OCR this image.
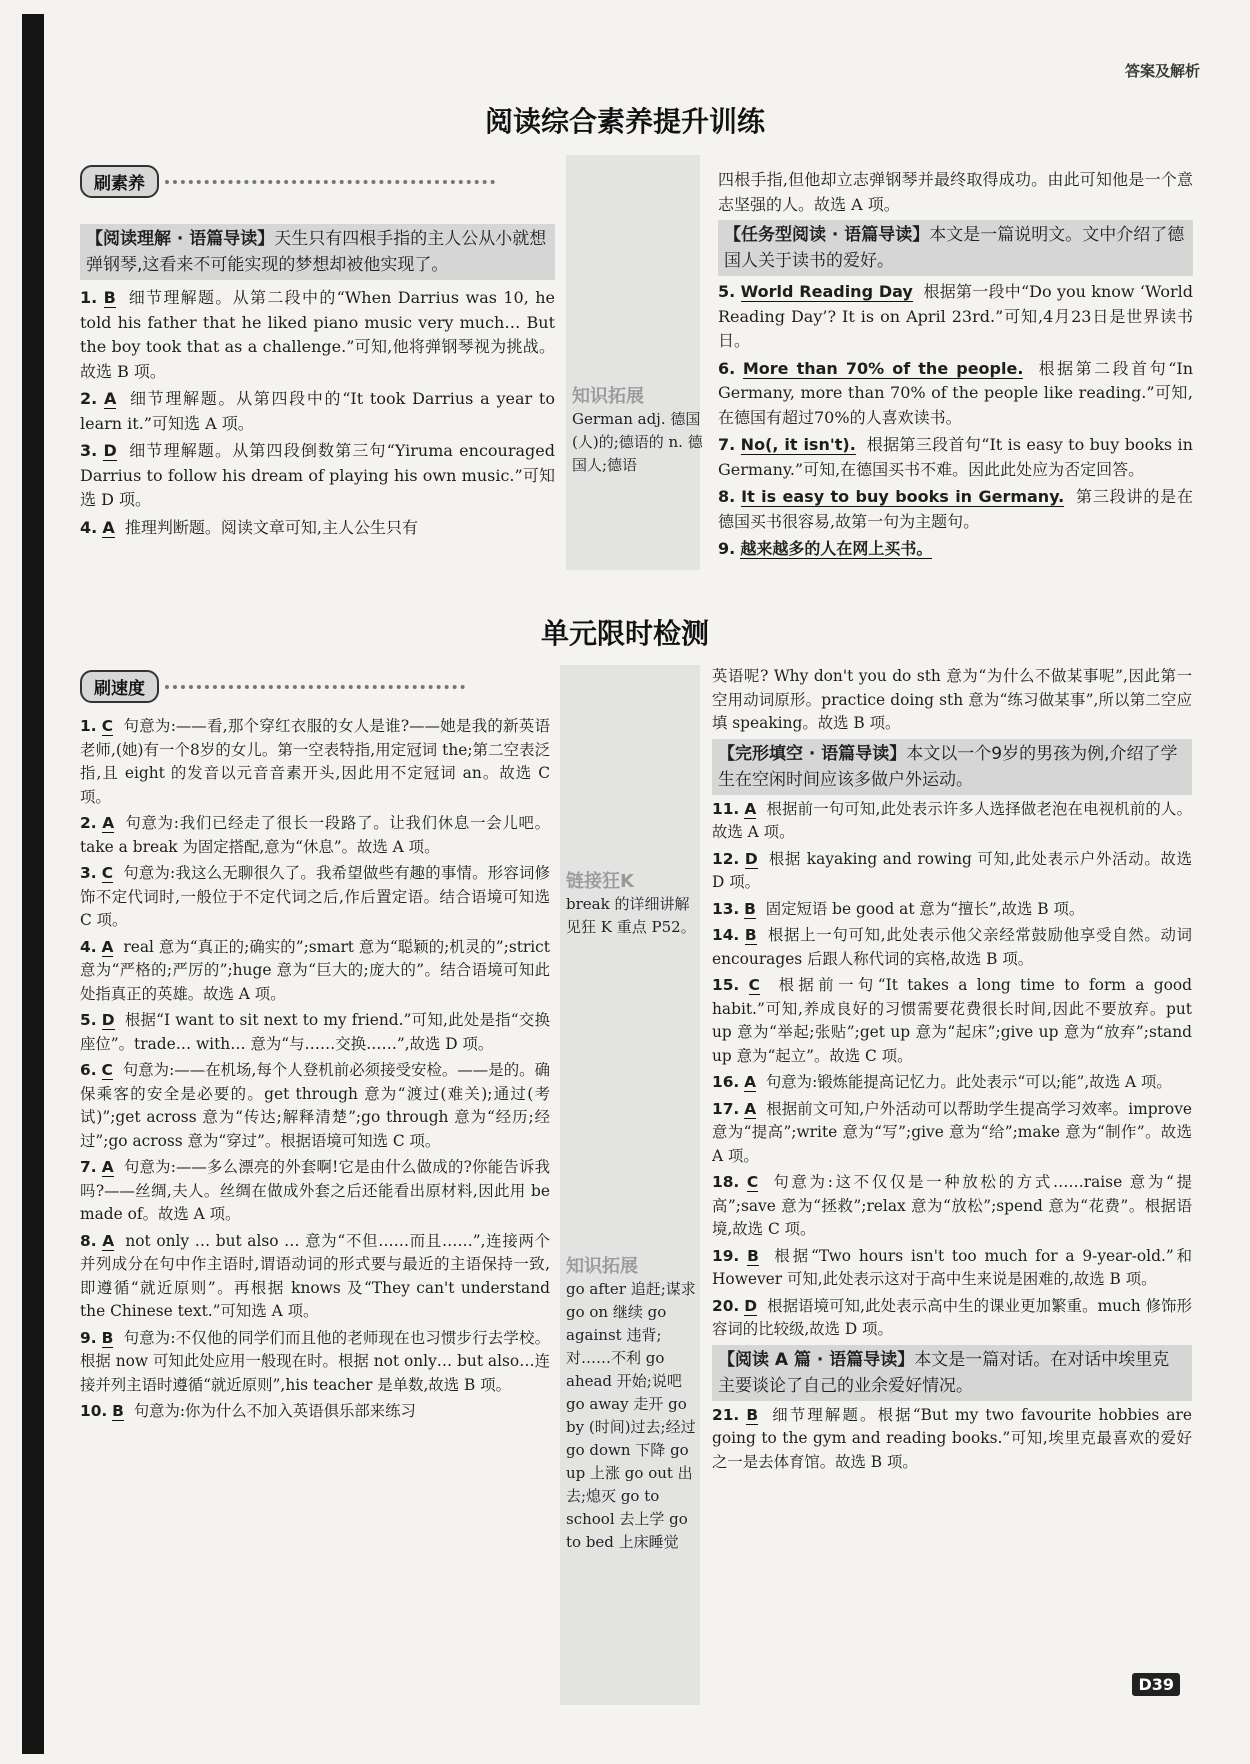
答案及解析
阅读综合素养提升训练
刷素养
知识拓展
German adj. 德国(人)的;德语的 n. 德国人;德语
【阅读理解 · 语篇导读】天生只有四根手指的主人公从小就想弹钢琴,这看来不可能实现的梦想却被他实现了。
1. B 细节理解题。从第二段中的“When Darrius was 10, he told his father that he liked piano music very much… But the boy took that as a challenge.”可知,他将弹钢琴视为挑战。故选 B 项。
2. A 细节理解题。从第四段中的“It took Darrius a year to learn it.”可知选 A 项。
3. D 细节理解题。从第四段倒数第三句“Yiruma encouraged Darrius to follow his dream of playing his own music.”可知选 D 项。
4. A 推理判断题。阅读文章可知,主人公生只有
四根手指,但他却立志弹钢琴并最终取得成功。由此可知他是一个意志坚强的人。故选 A 项。
【任务型阅读 · 语篇导读】本文是一篇说明文。文中介绍了德国人关于读书的爱好。
5. World Reading Day 根据第一段中“Do you know ‘World Reading Day’? It is on April 23rd.”可知,4月23日是世界读书日。
6. More than 70% of the people. 根据第二段首句“In Germany, more than 70% of the people like reading.”可知,在德国有超过70%的人喜欢读书。
7. No(, it isn't). 根据第三段首句“It is easy to buy books in Germany.”可知,在德国买书不难。因此此处应为否定回答。
8. It is easy to buy books in Germany. 第三段讲的是在德国买书很容易,故第一句为主题句。
9. 越来越多的人在网上买书。
单元限时检测
刷速度
链接狂K
break 的详细讲解见狂 K 重点 P52。
知识拓展
go after 追赶;谋求 go on 继续 go against 违背;对……不利 go ahead 开始;说吧 go away 走开 go by (时间)过去;经过 go down 下降 go up 上涨 go out 出去;熄灭 go to school 去上学 go to bed 上床睡觉
1. C 句意为:——看,那个穿红衣服的女人是谁?——她是我的新英语老师,(她)有一个8岁的女儿。第一空表特指,用定冠词 the;第二空表泛指,且 eight 的发音以元音音素开头,因此用不定冠词 an。故选 C 项。
2. A 句意为:我们已经走了很长一段路了。让我们休息一会儿吧。take a break 为固定搭配,意为“休息”。故选 A 项。
3. C 句意为:我这么无聊很久了。我希望做些有趣的事情。形容词修饰不定代词时,一般位于不定代词之后,作后置定语。结合语境可知选 C 项。
4. A real 意为“真正的;确实的”;smart 意为“聪颖的;机灵的”;strict 意为“严格的;严厉的”;huge 意为“巨大的;庞大的”。结合语境可知此处指真正的英雄。故选 A 项。
5. D 根据“I want to sit next to my friend.”可知,此处是指“交换座位”。trade… with… 意为“与……交换……”,故选 D 项。
6. C 句意为:——在机场,每个人登机前必须接受安检。——是的。确保乘客的安全是必要的。get through 意为“渡过(难关);通过(考试)”;get across 意为“传达;解释清楚”;go through 意为“经历;经过”;go across 意为“穿过”。根据语境可知选 C 项。
7. A 句意为:——多么漂亮的外套啊!它是由什么做成的?你能告诉我吗?——丝绸,夫人。丝绸在做成外套之后还能看出原材料,因此用 be made of。故选 A 项。
8. A not only … but also … 意为“不但……而且……”,连接两个并列成分在句中作主语时,谓语动词的形式要与最近的主语保持一致,即遵循“就近原则”。再根据 knows 及“They can't understand the Chinese text.”可知选 A 项。
9. B 句意为:不仅他的同学们而且他的老师现在也习惯步行去学校。根据 now 可知此处应用一般现在时。根据 not only… but also…连接并列主语时遵循“就近原则”,his teacher 是单数,故选 B 项。
10. B 句意为:你为什么不加入英语俱乐部来练习
英语呢? Why don't you do sth 意为“为什么不做某事呢”,因此第一空用动词原形。practice doing sth 意为“练习做某事”,所以第二空应填 speaking。故选 B 项。
【完形填空 · 语篇导读】本文以一个9岁的男孩为例,介绍了学生在空闲时间应该多做户外运动。
11. A 根据前一句可知,此处表示许多人选择做老泡在电视机前的人。故选 A 项。
12. D 根据 kayaking and rowing 可知,此处表示户外活动。故选 D 项。
13. B 固定短语 be good at 意为“擅长”,故选 B 项。
14. B 根据上一句可知,此处表示他父亲经常鼓励他享受自然。动词 encourages 后跟人称代词的宾格,故选 B 项。
15. C 根据前一句“It takes a long time to form a good habit.”可知,养成良好的习惯需要花费很长时间,因此不要放弃。put up 意为“举起;张贴”;get up 意为“起床”;give up 意为“放弃”;stand up 意为“起立”。故选 C 项。
16. A 句意为:锻炼能提高记忆力。此处表示“可以;能”,故选 A 项。
17. A 根据前文可知,户外活动可以帮助学生提高学习效率。improve 意为“提高”;write 意为“写”;give 意为“给”;make 意为“制作”。故选 A 项。
18. C 句意为:这不仅仅是一种放松的方式……raise 意为“提高”;save 意为“拯救”;relax 意为“放松”;spend 意为“花费”。根据语境,故选 C 项。
19. B 根据“Two hours isn't too much for a 9-year-old.”和 However 可知,此处表示这对于高中生来说是困难的,故选 B 项。
20. D 根据语境可知,此处表示高中生的课业更加繁重。much 修饰形容词的比较级,故选 D 项。
【阅读 A 篇 · 语篇导读】本文是一篇对话。在对话中埃里克主要谈论了自己的业余爱好情况。
21. B 细节理解题。根据“But my two favourite hobbies are going to the gym and reading books.”可知,埃里克最喜欢的爱好之一是去体育馆。故选 B 项。
D39
